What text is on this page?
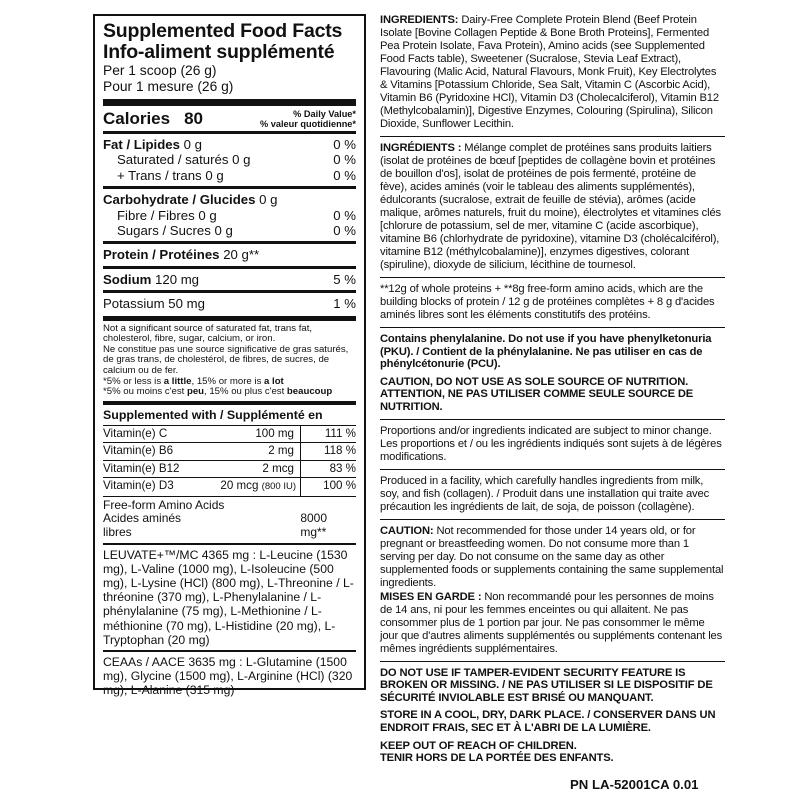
Supplemented Food Facts
Info-aliment supplémenté
Per 1 scoop (26 g)
Pour 1 mesure (26 g)
Calories 80	% Daily Value*
% valeur quotidienne*
Fat / Lipides 0 g	0 %
Saturated / saturés 0 g	0 %
+ Trans / trans 0 g	0 %
Carbohydrate / Glucides 0 g
Fibre / Fibres 0 g	0 %
Sugars / Sucres 0 g	0 %
Protein / Protéines 20 g**
Sodium 120 mg	5 %
Potassium 50 mg	1 %
Not a significant source of saturated fat, trans fat, cholesterol, fibre, sugar, calcium, or iron.
Ne constitue pas une source significative de gras saturés, de gras trans, de cholestérol, de fibres, de sucres, de calcium ou de fer.
*5% or less is a little, 15% or more is a lot
*5% ou moins c'est peu, 15% ou plus c'est beaucoup
Supplemented with / Supplémenté en
Vitamin(e) C	100 mg	111 %
Vitamin(e) B6	2 mg	118 %
Vitamin(e) B12	2 mcg	83 %
Vitamin(e) D3	20 mcg (800 IU)	100 %
Free-form Amino Acids
Acides aminés libres
8000 mg**
LEUVATE+™/MC 4365 mg : L-Leucine (1530 mg), L-Valine (1000 mg), L-Isoleucine (500 mg), L-Lysine (HCl) (800 mg), L-Threonine / L-thréonine (370 mg), L-Phenylalanine / L-phénylalanine (75 mg), L-Methionine / L-méthionine (70 mg), L-Histidine (20 mg), L-Tryptophan (20 mg)
CEAAs / AACE 3635 mg : L-Glutamine (1500 mg), Glycine (1500 mg), L-Arginine (HCl) (320 mg), L-Alanine (315 mg)

INGREDIENTS: Dairy-Free Complete Protein Blend (Beef Protein Isolate [Bovine Collagen Peptide & Bone Broth Proteins], Fermented Pea Protein Isolate, Fava Protein), Amino acids (see Supplemented Food Facts table), Sweetener (Sucralose, Stevia Leaf Extract), Flavouring (Malic Acid, Natural Flavours, Monk Fruit), Key Electrolytes & Vitamins [Potassium Chloride, Sea Salt, Vitamin C (Ascorbic Acid), Vitamin B6 (Pyridoxine HCl), Vitamin D3 (Cholecalciferol), Vitamin B12 (Methylcobalamin)], Digestive Enzymes, Colouring (Spirulina), Silicon Dioxide, Sunflower Lecithin.

INGRÉDIENTS : Mélange complet de protéines sans produits laitiers (isolat de protéines de bœuf [peptides de collagène bovin et protéines de bouillon d'os], isolat de protéines de pois fermenté, protéine de fève), acides aminés (voir le tableau des aliments supplémentés), édulcorants (sucralose, extrait de feuille de stévia), arômes (acide malique, arômes naturels, fruit du moine), électrolytes et vitamines clés [chlorure de potassium, sel de mer, vitamine C (acide ascorbique), vitamine B6 (chlorhydrate de pyridoxine), vitamine D3 (cholécalciférol), vitamine B12 (méthylcobalamine)], enzymes digestives, colorant (spiruline), dioxyde de silicium, lécithine de tournesol.

**12g of whole proteins + **8g free-form amino acids, which are the building blocks of protein / 12 g de protéines complètes + 8 g d'acides aminés libres sont les éléments constitutifs des protéins.

Contains phenylalanine. Do not use if you have phenylketonuria (PKU). / Contient de la phénylalanine. Ne pas utiliser en cas de phénylcétonurie (PCU).

CAUTION, DO NOT USE AS SOLE SOURCE OF NUTRITION. ATTENTION, NE PAS UTILISER COMME SEULE SOURCE DE NUTRITION.

Proportions and/or ingredients indicated are subject to minor change. Les proportions et / ou les ingrédients indiqués sont sujets à de légères modifications.

Produced in a facility, which carefully handles ingredients from milk, soy, and fish (collagen). / Produit dans une installation qui traite avec précaution les ingrédients de lait, de soja, de poisson (collagène).

CAUTION: Not recommended for those under 14 years old, or for pregnant or breastfeeding women. Do not consume more than 1 serving per day. Do not consume on the same day as other supplemented foods or supplements containing the same supplemental ingredients.

MISES EN GARDE : Non recommandé pour les personnes de moins de 14 ans, ni pour les femmes enceintes ou qui allaitent. Ne pas consommer plus de 1 portion par jour. Ne pas consommer le même jour que d'autres aliments supplémentés ou suppléments contenant les mêmes ingrédients supplémentaires.

DO NOT USE IF TAMPER-EVIDENT SECURITY FEATURE IS BROKEN OR MISSING. / NE PAS UTILISER SI LE DISPOSITIF DE SÉCURITÉ INVIOLABLE EST BRISÉ OU MANQUANT.

STORE IN A COOL, DRY, DARK PLACE. / CONSERVER DANS UN ENDROIT FRAIS, SEC ET À L'ABRI DE LA LUMIÈRE.

KEEP OUT OF REACH OF CHILDREN.

TENIR HORS DE LA PORTÉE DES ENFANTS.

PN LA-52001CA 0.01
